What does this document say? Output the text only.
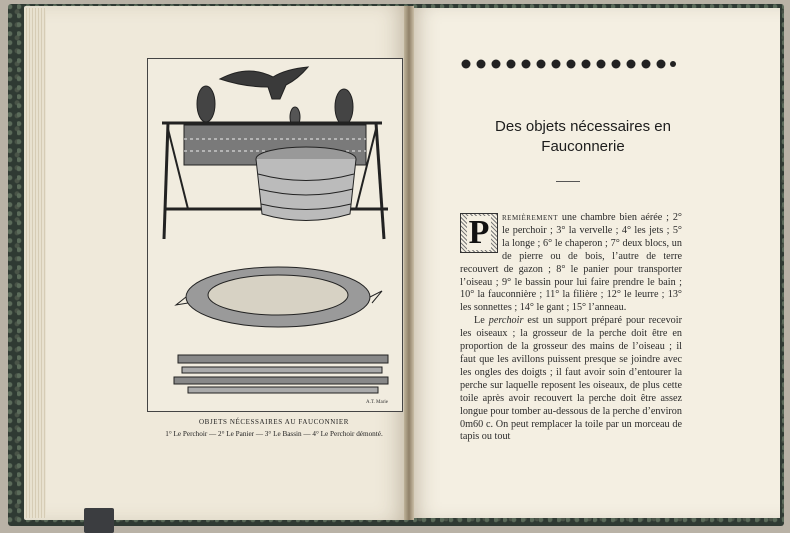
A.T. Marie
OBJETS NÉCESSAIRES AU FAUCONNIER
1° Le Perchoir — 2° Le Panier — 3° Le Bassin — 4° Le Perchoir démonté.
Des objets nécessaires en
Fauconnerie

P remièrement une chambre bien aérée ; 2° le perchoir ; 3° la vervelle ; 4° les jets ; 5° la longe ; 6° le chaperon ; 7° deux blocs, un de pierre ou de bois, l’autre de terre recouvert de gazon ; 8° le panier pour transporter l’oiseau ; 9° le bassin pour lui faire prendre le bain ; 10° la fauconnière ; 11° la filière ; 12° le leurre ; 13° les sonnettes ; 14° le gant ; 15° l’anneau.

Le perchoir est un support préparé pour recevoir les oiseaux ; la grosseur de la perche doit être en proportion de la grosseur des mains de l’oiseau ; il faut que les avillons puissent presque se joindre avec les ongles des doigts ; il faut avoir soin d’entourer la perche sur laquelle reposent les oiseaux, de plus cette toile après avoir recouvert la perche doit être assez longue pour tomber au-dessous de la perche d’environ 0m60 c. On peut remplacer la toile par un morceau de tapis ou tout
